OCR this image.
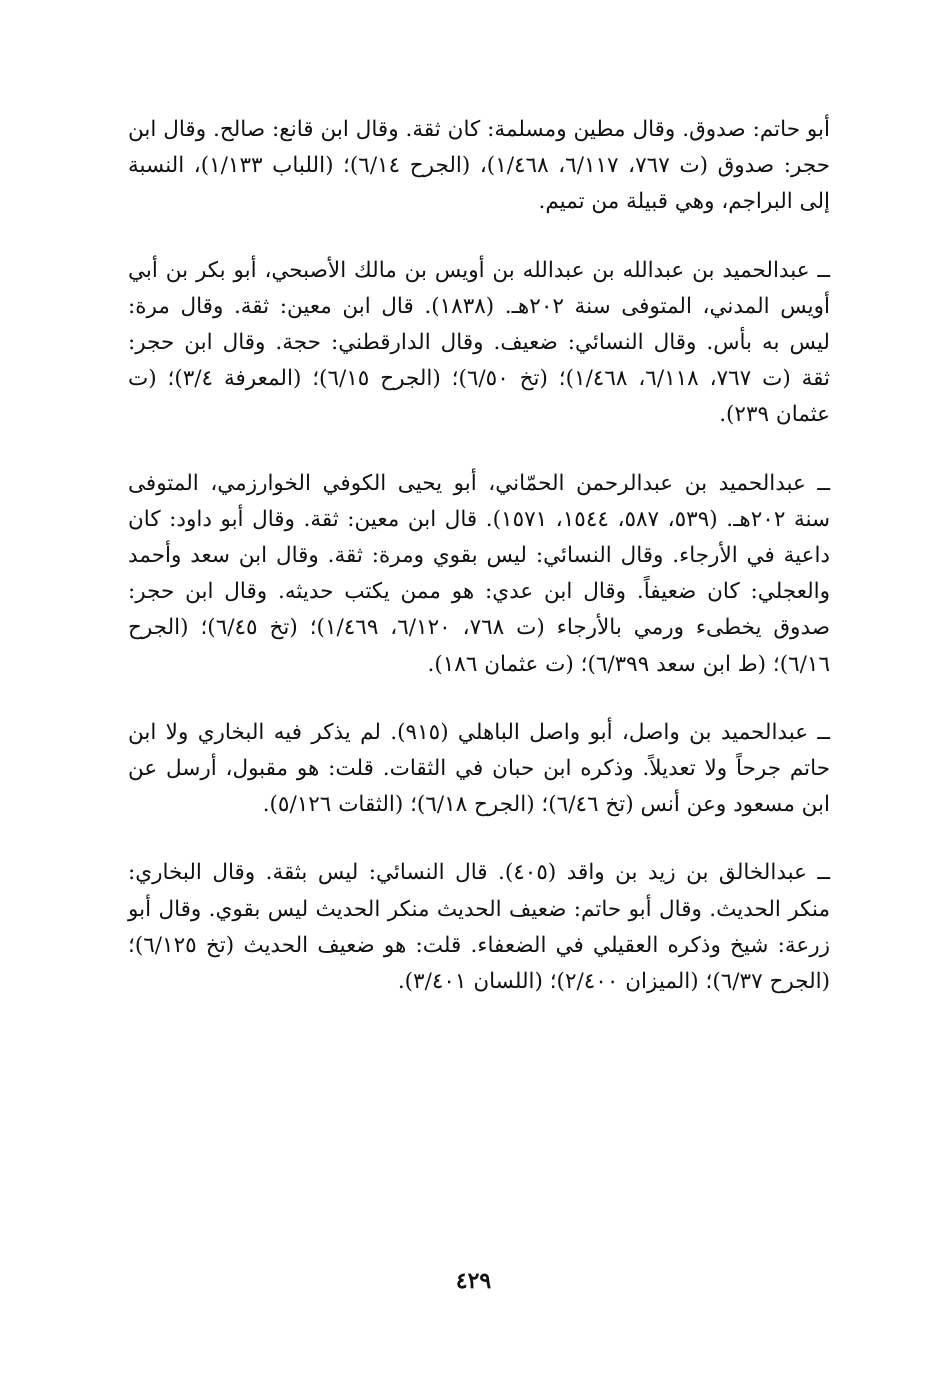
أبو حاتم: صدوق. وقال مطين ومسلمة: كان ثقة. وقال ابن قانع: صالح. وقال ابن حجر: صدوق (ت ٧٦٧، ٦/١١٧، ١/٤٦٨)، (الجرح ٦/١٤)؛ (اللباب ١/١٣٣)، النسبة إلى البراجم، وهي قبيلة من تميم.

ــ عبدالحميد بن عبدالله بن عبدالله بن أويس بن مالك الأصبحي، أبو بكر بن أبي أويس المدني، المتوفى سنة ٢٠٢هـ. (١٨٣٨). قال ابن معين: ثقة. وقال مرة: ليس به بأس. وقال النسائي: ضعيف. وقال الدارقطني: حجة. وقال ابن حجر: ثقة (ت ٧٦٧، ٦/١١٨، ١/٤٦٨)؛ (تخ ٦/٥٠)؛ (الجرح ٦/١٥)؛ (المعرفة ٣/٤)؛ (ت عثمان ٢٣٩).

ــ عبدالحميد بن عبدالرحمن الحمّاني، أبو يحيى الكوفي الخوارزمي، المتوفى سنة ٢٠٢هـ. (٥٣٩، ٥٨٧، ١٥٤٤، ١٥٧١). قال ابن معين: ثقة. وقال أبو داود: كان داعية في الأرجاء. وقال النسائي: ليس بقوي ومرة: ثقة. وقال ابن سعد وأحمد والعجلي: كان ضعيفاً. وقال ابن عدي: هو ممن يكتب حديثه. وقال ابن حجر: صدوق يخطىء ورمي بالأرجاء (ت ٧٦٨، ٦/١٢٠، ١/٤٦٩)؛ (تخ ٦/٤٥)؛ (الجرح ٦/١٦)؛ (ط ابن سعد ٦/٣٩٩)؛ (ت عثمان ١٨٦).

ــ عبدالحميد بن واصل، أبو واصل الباهلي (٩١٥). لم يذكر فيه البخاري ولا ابن حاتم جرحاً ولا تعديلاً. وذكره ابن حبان في الثقات. قلت: هو مقبول، أرسل عن ابن مسعود وعن أنس (تخ ٦/٤٦)؛ (الجرح ٦/١٨)؛ (الثقات ٥/١٢٦).

ــ عبدالخالق بن زيد بن واقد (٤٠٥). قال النسائي: ليس بثقة. وقال البخاري: منكر الحديث. وقال أبو حاتم: ضعيف الحديث منكر الحديث ليس بقوي. وقال أبو زرعة: شيخ وذكره العقيلي في الضعفاء. قلت: هو ضعيف الحديث (تخ ٦/١٢٥)؛ (الجرح ٦/٣٧)؛ (الميزان ٢/٤٠٠)؛ (اللسان ٣/٤٠١).

٤٢٩
